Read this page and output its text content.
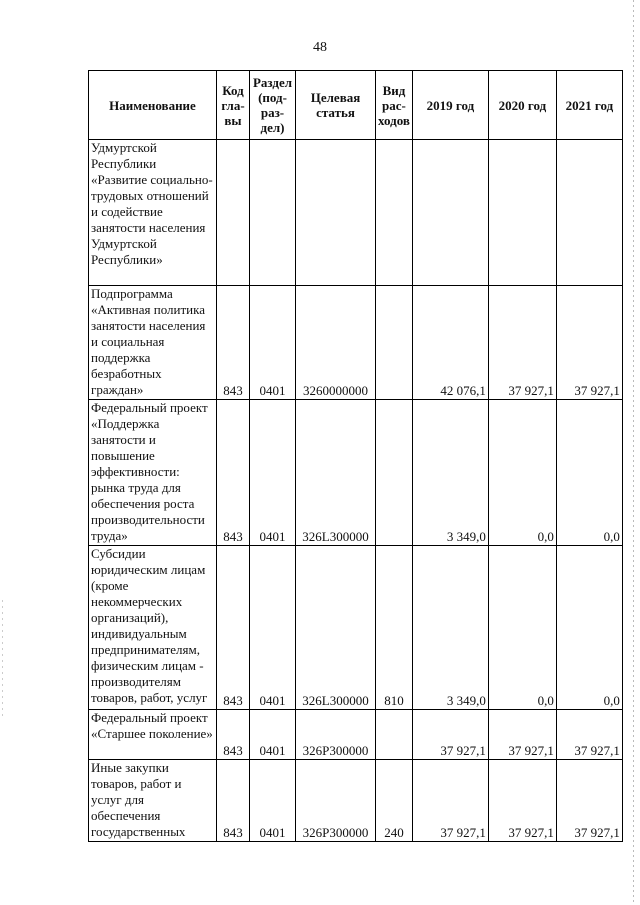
48
Наименование	Код гла-вы	Раздел (под-раз-дел)	Целевая статья	Вид рас-ходов	2019 год	2020 год	2021 год
Удмуртской Республики «Развитие социально-трудовых отношений и содействие занятости населения Удмуртской Республики»							
Подпрограмма «Активная политика занятости населения и социальная поддержка безработных граждан»	843	0401	3260000000		42 076,1	37 927,1	37 927,1
Федеральный проект «Поддержка занятости и повышение эффективности: рынка труда для обеспечения роста производительности труда»	843	0401	326L300000		3 349,0	0,0	0,0
Субсидии юридическим лицам (кроме некоммерческих организаций), индивидуальным предпринимателям, физическим лицам - производителям товаров, работ, услуг	843	0401	326L300000	810	3 349,0	0,0	0,0
Федеральный проект «Старшее поколение»	843	0401	326P300000		37 927,1	37 927,1	37 927,1
Иные закупки товаров, работ и услуг для обеспечения государственных	843	0401	326P300000	240	37 927,1	37 927,1	37 927,1
